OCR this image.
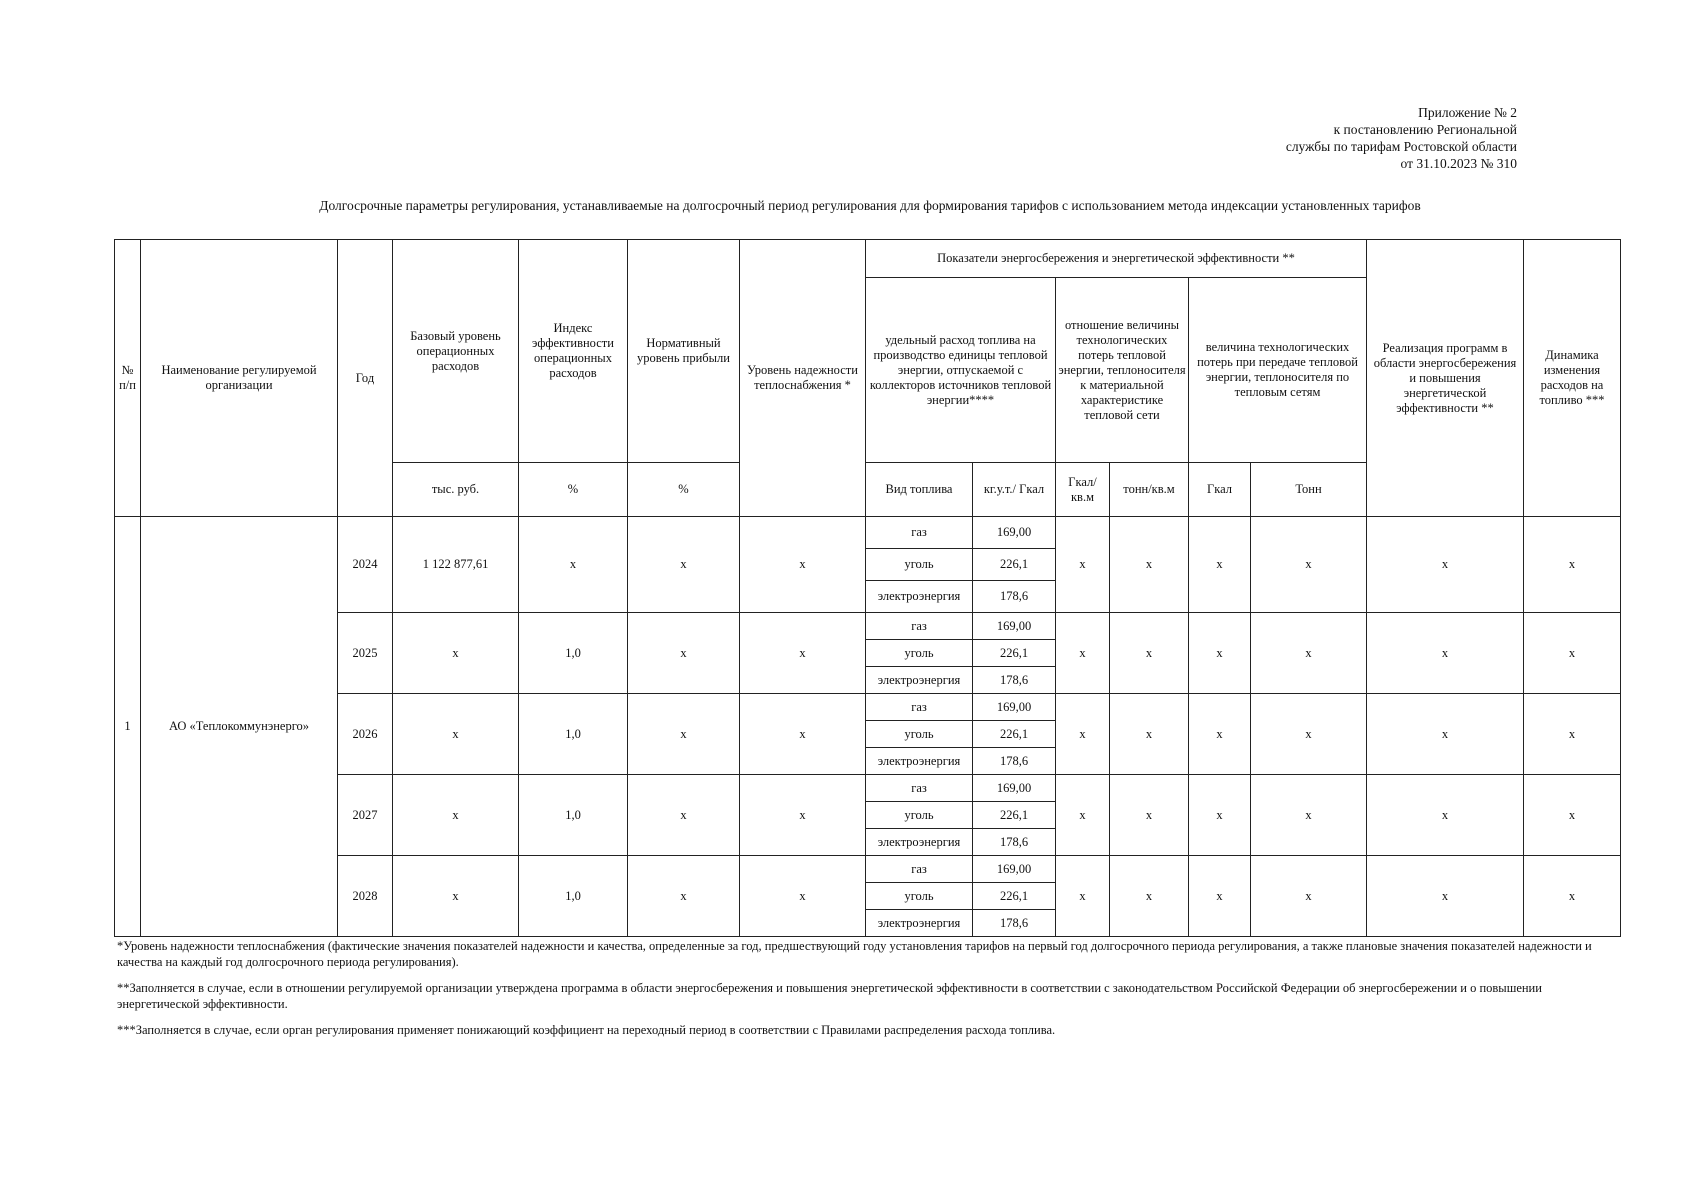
Приложение № 2
к постановлению Региональной
службы по тарифам Ростовской области
от 31.10.2023 № 310
Долгосрочные параметры регулирования, устанавливаемые на долгосрочный период регулирования для формирования тарифов с использованием метода индексации установленных тарифов
№ п/п	Наименование регулируемой организации	Год	Базовый уровень операционных расходов	Индекс эффективности операционных расходов	Нормативный уровень прибыли	Уровень надежности теплоснабжения *	Показатели энергосбережения и энергетической эффективности **						Реализация программ в области энергосбережения и повышения энергетической эффективности **	Динамика изменения расходов на топливо ***
							удельный расход топлива на производство единицы тепловой энергии, отпускаемой с коллекторов источников тепловой энергии****		отношение величины технологических потерь тепловой энергии, теплоносителя к материальной характеристике тепловой сети		величина технологических потерь при передаче тепловой энергии, теплоносителя по тепловым сетям			
			тыс. руб.	%	%		Вид топлива	кг.у.т./ Гкал	Гкал/ кв.м	тонн/кв.м	Гкал	Тонн		
1	АО «Теплокоммунэнерго»	2024	1 122 877,61	х	х	х	газ	169,00	х	х	х	х	х	х
							уголь	226,1						
							электроэнергия	178,6						
		2025	х	1,0	х	х	газ	169,00	х	х	х	х	х	х
							уголь	226,1						
							электроэнергия	178,6						
		2026	х	1,0	х	х	газ	169,00	х	х	х	х	х	х
							уголь	226,1						
							электроэнергия	178,6						
		2027	х	1,0	х	х	газ	169,00	х	х	х	х	х	х
							уголь	226,1						
							электроэнергия	178,6						
		2028	х	1,0	х	х	газ	169,00	х	х	х	х	х	х
							уголь	226,1						
							электроэнергия	178,6						

*Уровень надежности теплоснабжения (фактические значения показателей надежности и качества, определенные за год, предшествующий году установления тарифов на первый год долгосрочного периода регулирования, а также плановые значения показателей надежности и качества на каждый год долгосрочного периода регулирования).

**Заполняется в случае, если в отношении регулируемой организации утверждена программа в области энергосбережения и повышения энергетической эффективности в соответствии с законодательством Российской Федерации об энергосбережении и о повышении энергетической эффективности.

***Заполняется в случае, если орган регулирования применяет понижающий коэффициент на переходный период в соответствии с Правилами распределения расхода топлива.
